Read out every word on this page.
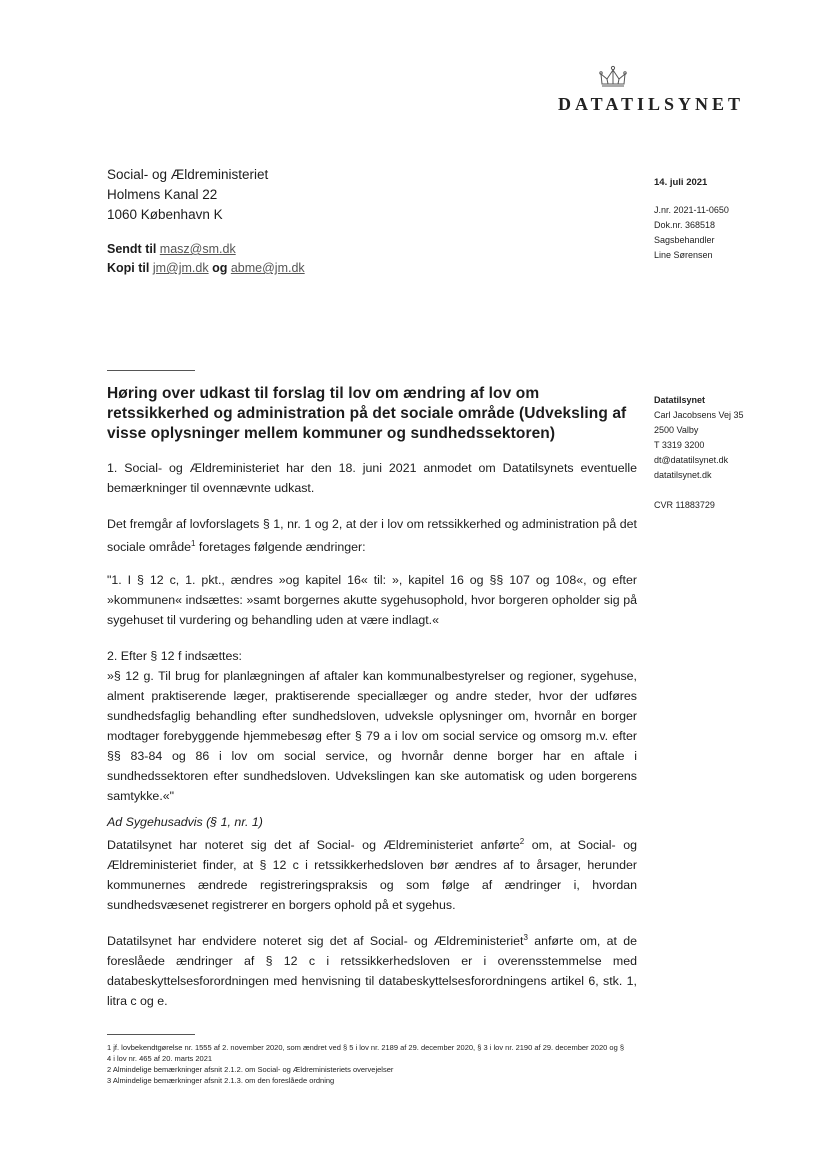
DATATILSYNET
Social- og Ældreministeriet
Holmens Kanal 22
1060 København K
Sendt til masz@sm.dk
Kopi til jm@jm.dk og abme@jm.dk
14. juli 2021
J.nr. 2021-11-0650
Dok.nr. 368518
Sagsbehandler
Line Sørensen
Datatilsynet
Carl Jacobsens Vej 35
2500 Valby
T 3319 3200
dt@datatilsynet.dk
datatilsynet.dk
CVR 11883729
Høring over udkast til forslag til lov om ændring af lov om retssikkerhed og administration på det sociale område (Udveksling af visse oplysninger mellem kommuner og sundhedssektoren)

1. Social- og Ældreministeriet har den 18. juni 2021 anmodet om Datatilsynets eventuelle bemærkninger til ovennævnte udkast.

Det fremgår af lovforslagets § 1, nr. 1 og 2, at der i lov om retssikkerhed og administration på det sociale område$^1$ foretages følgende ændringer:

"1. I § 12 c, 1. pkt., ændres »og kapitel 16« til: », kapitel 16 og §§ 107 og 108«, og efter »kommunen« indsættes: »samt borgernes akutte sygehusophold, hvor borgeren opholder sig på sygehuset til vurdering og behandling uden at være indlagt.«

2. Efter § 12 f indsættes:

»§ 12 g. Til brug for planlægningen af aftaler kan kommunalbestyrelser og regioner, sygehuse, alment praktiserende læger, praktiserende speciallæger og andre steder, hvor der udføres sundhedsfaglig behandling efter sundhedsloven, udveksle oplysninger om, hvornår en borger modtager forebyggende hjemmebesøg efter § 79 a i lov om social service og omsorg m.v. efter §§ 83-84 og 86 i lov om social service, og hvornår denne borger har en aftale i sundhedssektoren efter sundhedsloven. Udvekslingen kan ske automatisk og uden borgerens samtykke.«"

Ad Sygehusadvis (§ 1, nr. 1)

Datatilsynet har noteret sig det af Social- og Ældreministeriet anførte$^2$ om, at Social- og Ældreministeriet finder, at § 12 c i retssikkerhedsloven bør ændres af to årsager, herunder kommunernes ændrede registreringspraksis og som følge af ændringer i, hvordan sundhedsvæsenet registrerer en borgers ophold på et sygehus.

Datatilsynet har endvidere noteret sig det af Social- og Ældreministeriet$^3$ anførte om, at de foreslåede ændringer af § 12 c i retssikkerhedsloven er i overensstemmelse med databeskyttelsesforordningen med henvisning til databeskyttelsesforordningens artikel 6, stk. 1, litra c og e.

1 jf. lovbekendtgørelse nr. 1555 af 2. november 2020, som ændret ved § 5 i lov nr. 2189 af 29. december 2020, § 3 i lov nr. 2190 af 29. december 2020 og § 4 i lov nr. 465 af 20. marts 2021

2 Almindelige bemærkninger afsnit 2.1.2. om Social- og Ældreministeriets overvejelser

3 Almindelige bemærkninger afsnit 2.1.3. om den foreslåede ordning
